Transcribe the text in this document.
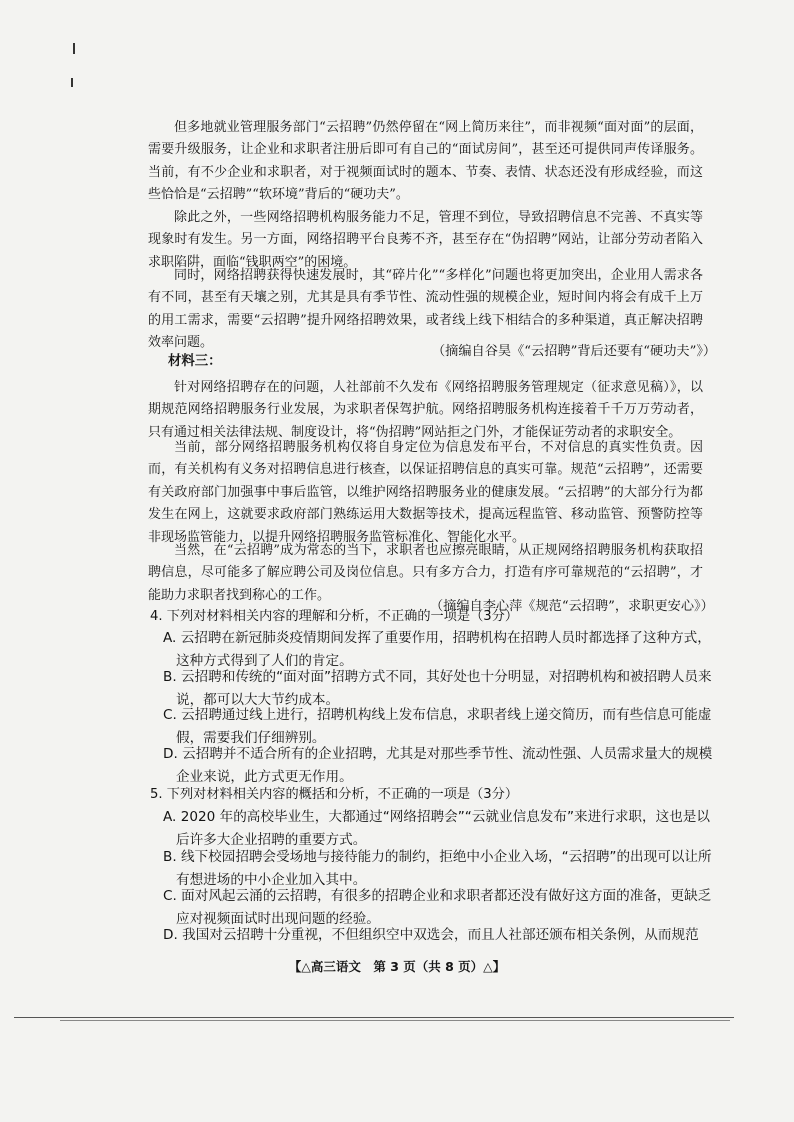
但多地就业管理服务部门“云招聘”仍然停留在“网上简历来往”，而非视频“面对面”的层面，需要升级服务，让企业和求职者注册后即可有自己的“面试房间”，甚至还可提供同声传译服务。当前，有不少企业和求职者，对于视频面试时的题本、节奏、表情、状态还没有形成经验，而这些恰恰是“云招聘”“软环境”背后的“硬功夫”。

除此之外，一些网络招聘机构服务能力不足，管理不到位，导致招聘信息不完善、不真实等现象时有发生。另一方面，网络招聘平台良莠不齐，甚至存在“伪招聘”网站，让部分劳动者陷入求职陷阱，面临“钱职两空”的困境。

同时，网络招聘获得快速发展时，其“碎片化”“多样化”问题也将更加突出，企业用人需求各有不同，甚至有天壤之别，尤其是具有季节性、流动性强的规模企业，短时间内将会有成千上万的用工需求，需要“云招聘”提升网络招聘效果，或者线上线下相结合的多种渠道，真正解决招聘效率问题。

（摘编自谷昊《“云招聘”背后还要有“硬功夫”》）
材料三：

针对网络招聘存在的问题，人社部前不久发布《网络招聘服务管理规定（征求意见稿）》，以期规范网络招聘服务行业发展，为求职者保驾护航。网络招聘服务机构连接着千千万万劳动者，只有通过相关法律法规、制度设计，将“伪招聘”网站拒之门外，才能保证劳动者的求职安全。

当前，部分网络招聘服务机构仅将自身定位为信息发布平台，不对信息的真实性负责。因而，有关机构有义务对招聘信息进行核查，以保证招聘信息的真实可靠。规范“云招聘”，还需要有关政府部门加强事中事后监管，以维护网络招聘服务业的健康发展。“云招聘”的大部分行为都发生在网上，这就要求政府部门熟练运用大数据等技术，提高远程监管、移动监管、预警防控等非现场监管能力，以提升网络招聘服务监管标准化、智能化水平。

当然，在“云招聘”成为常态的当下，求职者也应擦亮眼睛，从正规网络招聘服务机构获取招聘信息，尽可能多了解应聘公司及岗位信息。只有多方合力，打造有序可靠规范的“云招聘”，才能助力求职者找到称心的工作。

（摘编自李心萍《规范“云招聘”，求职更安心》）

4. 下列对材料相关内容的理解和分析，不正确的一项是（3分）

A. 云招聘在新冠肺炎疫情期间发挥了重要作用，招聘机构在招聘人员时都选择了这种方式，这种方式得到了人们的肯定。

B. 云招聘和传统的“面对面”招聘方式不同，其好处也十分明显，对招聘机构和被招聘人员来说，都可以大大节约成本。

C. 云招聘通过线上进行，招聘机构线上发布信息，求职者线上递交简历，而有些信息可能虚假，需要我们仔细辨别。

D. 云招聘并不适合所有的企业招聘，尤其是对那些季节性、流动性强、人员需求量大的规模企业来说，此方式更无作用。

5. 下列对材料相关内容的概括和分析，不正确的一项是（3分）

A. 2020 年的高校毕业生，大都通过“网络招聘会”“云就业信息发布”来进行求职，这也是以后许多大企业招聘的重要方式。

B. 线下校园招聘会受场地与接待能力的制约，拒绝中小企业入场，“云招聘”的出现可以让所有想进场的中小企业加入其中。

C. 面对风起云涌的云招聘，有很多的招聘企业和求职者都还没有做好这方面的准备，更缺乏应对视频面试时出现问题的经验。

D. 我国对云招聘十分重视，不但组织空中双选会，而且人社部还颁布相关条例，从而规范

【△高三语文　第 3 页（共 8 页）△】
